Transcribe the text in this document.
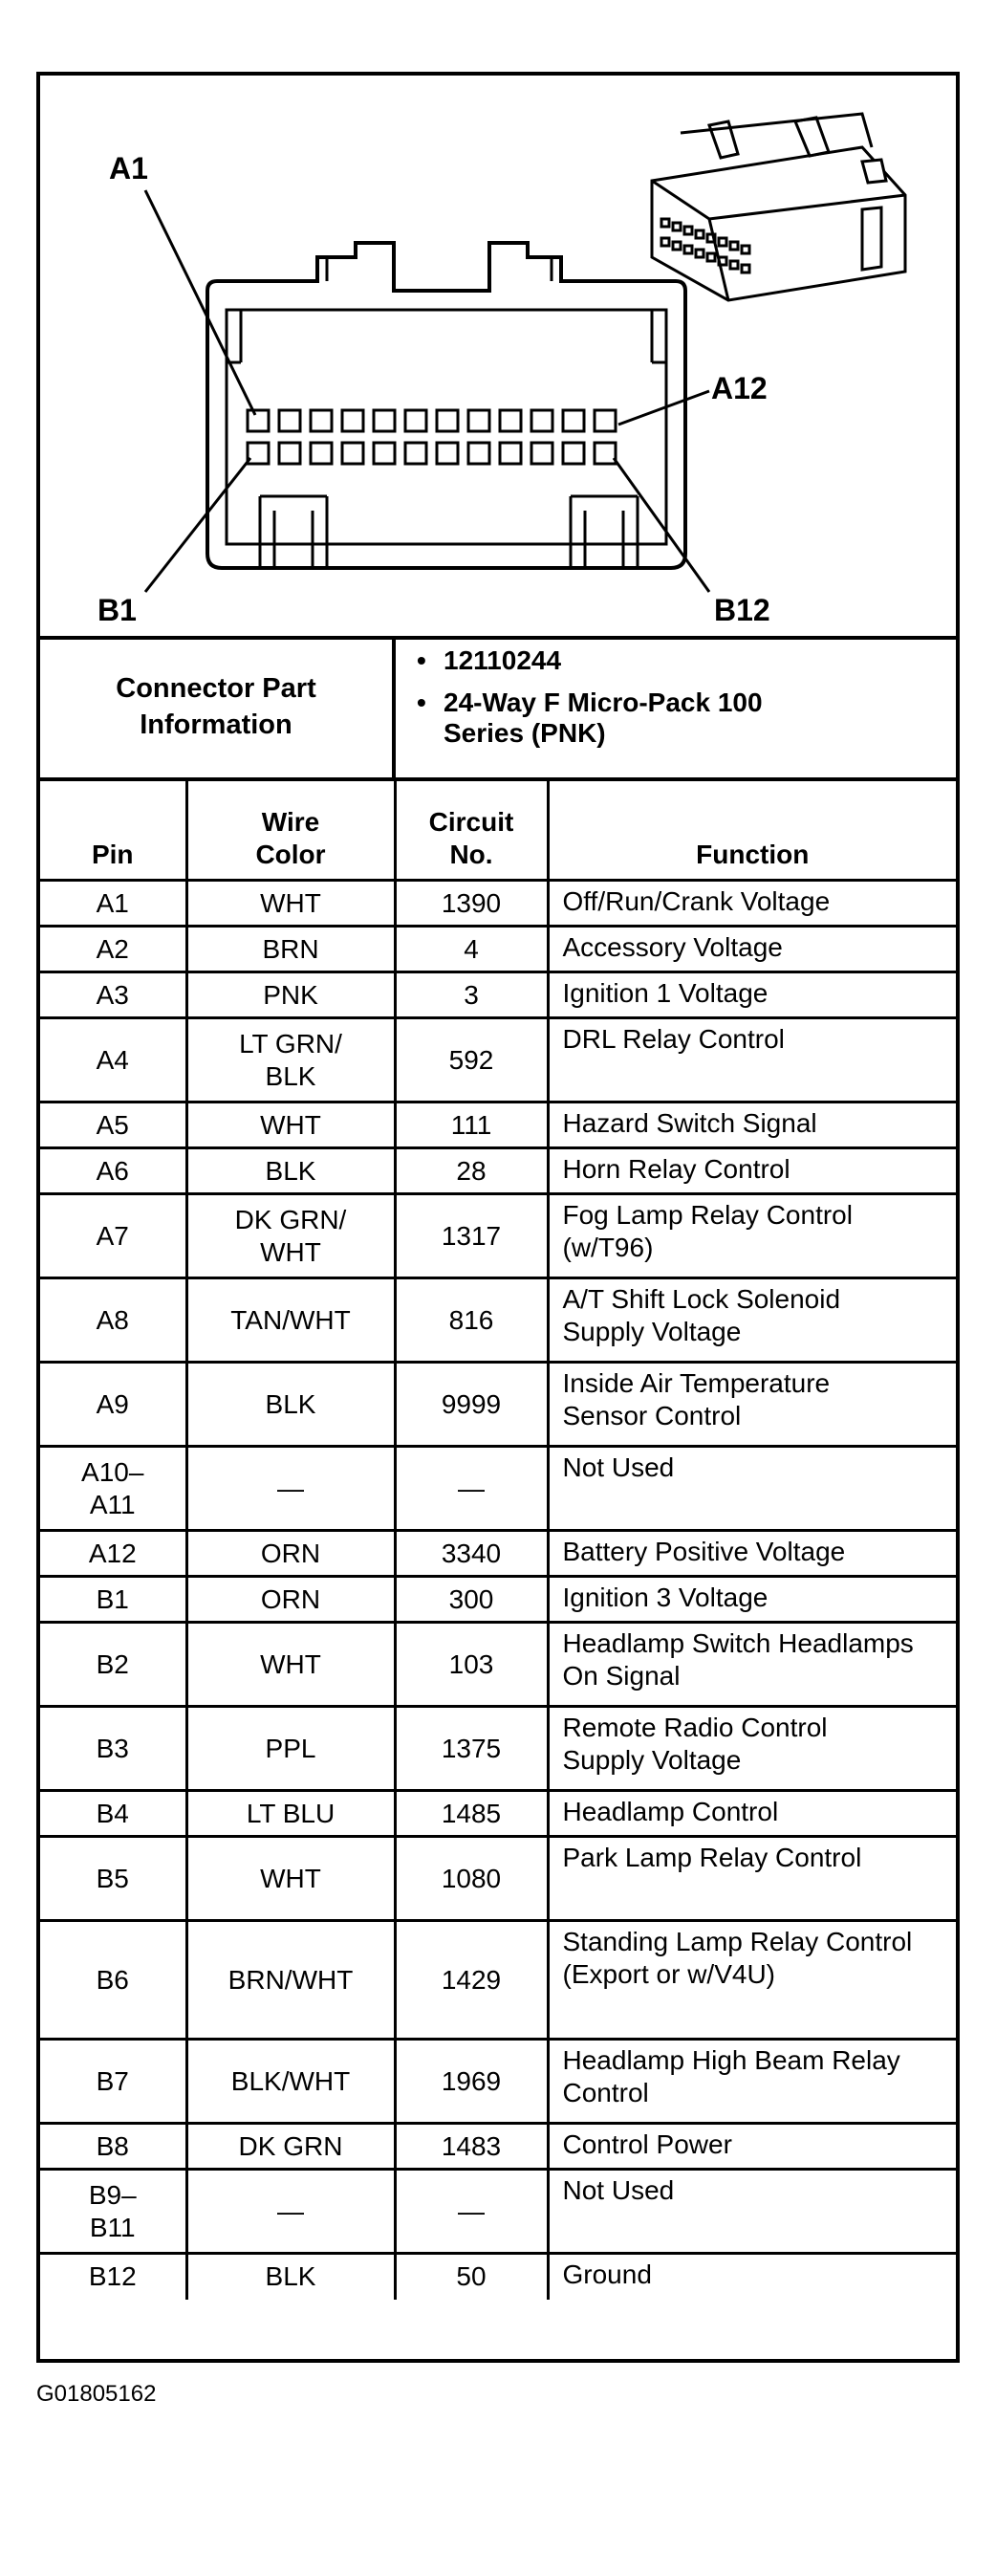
A1
A12
B1	B12
Connector Part Information
• 12110244
• 24-Way F Micro-Pack 100 Series (PNK)
Pin	Wire Color	Circuit No.	Function

A1	WHT	1390	Off/Run/Crank Voltage

A2	BRN	4	Accessory Voltage

A3	PNK	3	Ignition 1 Voltage

A4	LT GRN/ BLK	592	DRL Relay Control

A5	WHT	111	Hazard Switch Signal

A6	BLK	28	Horn Relay Control

A7	DK GRN/ WHT	1317	Fog Lamp Relay Control (w/T96)

A8	TAN/WHT	816	A/T Shift Lock Solenoid Supply Voltage

A9	BLK	9999	Inside Air Temperature Sensor Control

A10– A11	—	—	Not Used

A12	ORN	3340	Battery Positive Voltage

B1	ORN	300	Ignition 3 Voltage

B2	WHT	103	Headlamp Switch Headlamps On Signal

B3	PPL	1375	Remote Radio Control Supply Voltage

B4	LT BLU	1485	Headlamp Control

B5	WHT	1080	Park Lamp Relay Control

B6	BRN/WHT	1429	Standing Lamp Relay Control (Export or w/V4U)

B7	BLK/WHT	1969	Headlamp High Beam Relay Control

B8	DK GRN	1483	Control Power

B9– B11	—	—	Not Used

B12	BLK	50	Ground
G01805162
